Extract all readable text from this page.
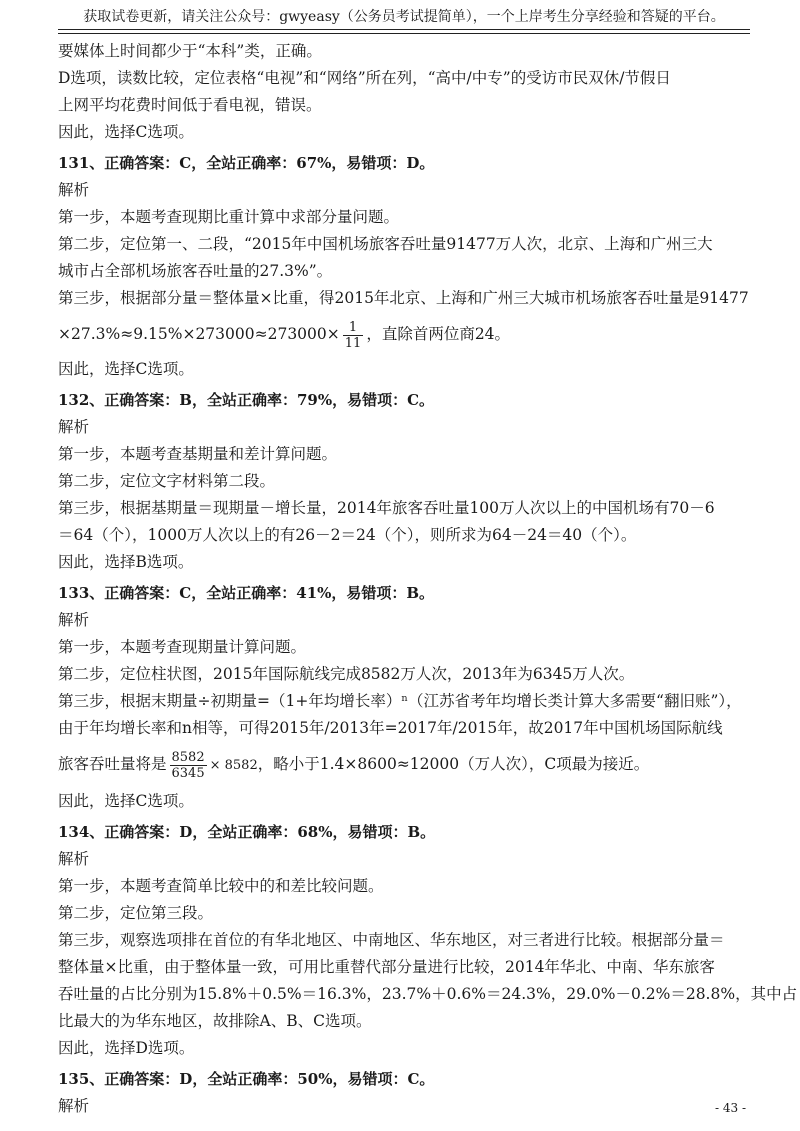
获取试卷更新，请关注公众号：gwyeasy（公务员考试提简单），一个上岸考生分享经验和答疑的平台。

要媒体上时间都少于“本科”类，正确。

D选项，读数比较，定位表格“电视”和“网络”所在列，“高中/中专”的受访市民双休/节假日

上网平均花费时间低于看电视，错误。

因此，选择C选项。

131、正确答案：C，全站正确率：67%，易错项：D。

解析

第一步，本题考查现期比重计算中求部分量问题。

第二步，定位第一、二段，“2015年中国机场旅客吞吐量91477万人次，北京、上海和广州三大

城市占全部机场旅客吞吐量的27.3%”。

第三步，根据部分量＝整体量×比重，得2015年北京、上海和广州三大城市机场旅客吞吐量是91477

$\times 27.3\%\approx 9.15\%\times 273000\approx 273000\times \frac{1}{11}$ ，直除首两位商24。

因此，选择C选项。

132、正确答案：B，全站正确率：79%，易错项：C。

解析

第一步，本题考查基期量和差计算问题。

第二步，定位文字材料第二段。

第三步，根据基期量＝现期量－增长量，2014年旅客吞吐量100万人次以上的中国机场有70－6

＝64（个），1000万人次以上的有26－2＝24（个），则所求为64－24＝40（个）。

因此，选择B选项。

133、正确答案：C，全站正确率：41%，易错项：B。

解析

第一步，本题考查现期量计算问题。

第二步，定位柱状图，2015年国际航线完成8582万人次，2013年为6345万人次。

第三步，根据末期量÷初期量=（1+年均增长率）ⁿ（江苏省考年均增长类计算大多需要“翻旧账”），

由于年均增长率和n相等，可得2015年/2013年=2017年/2015年，故2017年中国机场国际航线

旅客吞吐量将是 $\frac{8582}{6345} \times 8582$，略小于1.4×8600≈12000（万人次），C项最为接近。

因此，选择C选项。

134、正确答案：D，全站正确率：68%，易错项：B。

解析

第一步，本题考查简单比较中的和差比较问题。

第二步，定位第三段。

第三步，观察选项排在首位的有华北地区、中南地区、华东地区，对三者进行比较。根据部分量＝

整体量×比重，由于整体量一致，可用比重替代部分量进行比较，2014年华北、中南、华东旅客

吞吐量的占比分别为15.8%＋0.5%＝16.3%，23.7%＋0.6%＝24.3%，29.0%－0.2%＝28.8%，其中占

比最大的为华东地区，故排除A、B、C选项。

因此，选择D选项。

135、正确答案：D，全站正确率：50%，易错项：C。

解析	- 43 -
